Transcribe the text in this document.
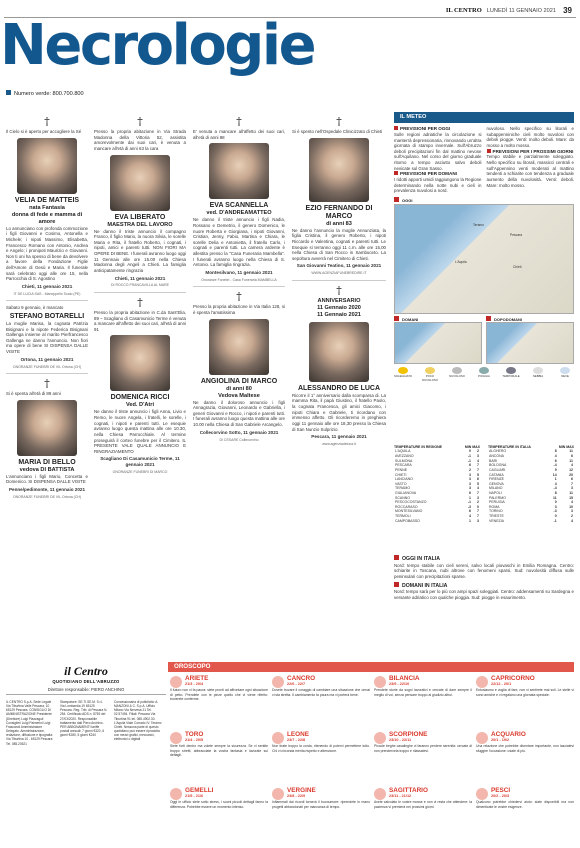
IL CENTRO LUNEDÌ 11 GENNAIO 2021 39
Necrologie
Numero verde: 800.700.800
†

Il Cielo si è aperto per accogliere la Sé

VELIA DE MATTEIS
nata Fantasia
donna di fede e mamma di amore

Lo annunciano con profonda commozione i figli Giovanni e Cosimo, Antonella e Michele; i nipoti Massimo, Elisabetta, Francesco Romano con Antonio, Andrea e Angelo; i pronipoti Maurizio e Giovanni. Non ti oni ha spesso di bene da devolvere a favore della Fondazione Figlie dell'Amore di Gesù e Maria. Il funerale sarà celebrato oggi alle ore 15, nella Parrocchia di S. Agostino

Chieti, 11 gennaio 2021
IT DE LUCIA SAS - Manoppello Scalo (PE)

Sabato 9 gennaio, è mancato

STEFANO BOTARELLI

La moglie Marisa, la cognata Patrizia Bisignani e la nipote Federica Bisignani Gallenga insieme al marito Pierfrancesco Gallenga ne danno l'annuncio. Non fiori ma opere di bene SI DISPENSA DALLE VISITE

Ortona, 11 gennaio 2021
ONORANZE FUNEBRI DE VIL Ortona (CH)
†

Si è spenta all'età di 89 anni

MARIA DI BELLO
vedova DI BATTISTA

L'annunciano i figli Mario, Concetta e Domenico. SI DISPENSA DALLE VISITE

Penne/pedimonte, 11 gennaio 2021
ONORANZE FUNEBRI DE VIL Ortona (CH)
†

Presso la propria abitazione in Via Strada Madonna della Vittoria 52, assistita amorevolmente dai suoi cari, è venuta a mancare all'età di anni 63 la cara

EVA LIBERATO
MAESTRA DEL LAVORO

Ne danno il triste annuncio il compagno Franco, il figlio Mario, la nuora Silvia, le sorelle Maria e Rita, il fratello Roberto, i cognati, i nipoti, amici e parenti tutti. NON FIORI MA OPERE DI BENE. I funerali avranno luogo oggi 11 Gennaio alle ore 15.00 nella Chiesa Madonna degli Angeli a Chieti. La famiglia anticipatamente ringrazia

Chieti, 11 gennaio 2021
DI ROCCO FRANCAVILLA AL MARE
†

Presso la propria abitazione in C.da Sant'Elia, 89 – Scagliano di Casamunicio Terme è venuta a mancare all'affetto dei suoi cari, all'età di anni 91

DOMENICA RICCI
Ved. D'Atri

Ne danno il triste annuncio i figli Anna, Livio e Remo, le nuore Angela, i fratelli, le sorelle, i cognati, i nipoti e parenti tutti. Le esequie avranno luogo questa mattina alle ore 10.30, nella Chiesa Parrocchiale. Al termine proseguirà il corteo funebre per il Cimitero. IL PRESENTE VALE QUALE ANNUNCIO E RINGRAZIAMENTO

Scagliano Di Casamunicio Terme, 11 gennaio 2021
ONORANZE FUNEBRI DI MARCO
†

E' venuta a mancare all'affetto dei suoi cari, all'età di anni 88

EVA SCANNELLA
ved. D'ANDREAMATTEO

Ne danno il triste annuncio i figli Nadia, Rossano e Demetrio, il genero Domenico, le nuore Roberta e Giorgiana, i nipoti Giovanni, Cristian, Jenny, Fabio, Martina e Chiara, le sorelle Delia e Antonietta, il fratello Carlo, i cognati e parenti tutti. La camera ardente è allestita presso la "Casa Funeraria Mambella". I funerali avranno luogo nella Chiesa di S. Antonio. La famiglia ringrazia.

Montesilvano, 11 gennaio 2021
Onoranze Funebri - Casa Funeraria MAMBELLA
†

Presso la propria abitazione in Via Italia 128, si è spenta l'amatissima

ANGIOLINA DI MARCO
di anni 80
Vedova Maltese

Ne danno il doloroso annuncio i figli Annagrazia, Giovanni, Leonardo e Gabriella, i generi Giovanni e Rocco, i nipoti e parenti tutti. I funerali avranno luogo questa mattina alle ore 10.00 nella Chiesa di San Gabriele Arcangelo.

Collecorvino Sotto, 11 gennaio 2021
DI CESARE Collecorvino
†

Si è spento nell'Ospedale Clinicizzato di Chieti

EZIO FERNANDO DI MARCO
di anni 83

Ne danno l'annuncio la moglie Annunziata, la figlia Cristina, il genero Roberto, i nipoti Riccardo e Valentina, cognati e parenti tutti. Le Esequie si terranno oggi 11 c.m. alle ore 15,00 nella Chiesa di San Rocco in Sambuceto. La sepoltura avverrà nel Cimitero di Chieti.

San Giovanni Teatino, 11 gennaio 2021
WWW.AGENZIAFUNEBREDIRE.IT
†
ANNIVERSARIO
11 Gennaio 2020
11 Gennaio 2021
ALESSANDRO DE LUCA

Ricorre il 1° anniversario dalla scomparsa di. La mamma Rita, il papà Giustino, il fratello Paolo, la cognata Francesca, gli amici Giacomo, i nipoti Chiara e Gabriele, ti ricordano con immenso affetto. Gli ricorderemo in preghiera oggi 11 gennaio alle ore 18,30 presso la Chiesa di San Nunzio Sulprizio.

Pescara, 11 gennaio 2021
www.agenziadeluca.it
IL METEO
PREVISIONI PER OGGI
Sulle regioni adriatiche la circolazione si manterrà depressionaria, rinnovando un'altra giornata di stampo invernale. Sull'Abruzzo deboli precipitazioni fin dal mattino nevose sull'Aquilano. Nel corso del giorno graduale ritorno a tempo asciutto salvo deboli nevicate sul Gran Sasso.
PREVISIONI PER DOMANI
I ridotti apporti umidi raggiungono la Regione determinando nella notte nubi e cieli in prevalenza nuvolosi a nord.
nuvoloso. Nello specifico su litorali e subappenniniche cieli molto nuvolosi con deboli piogge. Venti: molto deboli. Mare: da mosso a molto mosso.
PREVISIONI PER I PROSSIMI GIORNI
Tempo stabile e parzialmente soleggiato. Nello specifico su litorali, massicci centrali e sull'Appennino venti moderati al mattino tendenti a schiarite con tendenza a graduale aumento della nuvolosità. Venti: deboli. Mare: molto mosso.
OGGI
Pescara
L'Aquila
Chieti
Teramo
DOMANI	DOPODOMANI
SOLEGGIATO	POCO NUVOLOSO
NUVOLOSO	PIOGGIA	TEMPORALE	NEBBIA	NEVE
TEMPERATURE IN REGIONE	MIN MAX
L'AQUILA	0	2
AVEZZANO	-1	3
SULMONA	-1	4
PESCARA	6	7
PENNE	2	7
CHIETI	3	5
LANCIANO	3	6
VASTO	3	5
TERAMO	3	4
GIULIANOVA	6	7
SCANNO	1	3
PESCOCOSTANZO	-1	2
ROCCARASO	-3	0
MONTESILVANO	6	7
TERMOLI	4	7
CAMPOBASSO	1	3
TEMPERATURE IN ITALIA	MIN MAX
ALGHERO	8	11
ANCONA	4	6
BARI	6	11
BOLOGNA	-4	4
CAGLIARI	9	12
CATANIA	14	20
FIRENZE	1	6
GENOVA	4	7
MILANO	-4	3
NAPOLI	8	11
PALERMO	11	15
PERUGIA	0	4
ROMA	3	10
TORINO	-3	3
TRIESTE	0	2
VENEZIA	-1	4
OGGI IN ITALIA
Nord: tempo stabile con cieli sereni, salvo locali piovaschi in Emilia Romagna. Centro: schiarite in Toscana, nubi altrove con fenomeni sparsi. Sud: nuvolosità diffusa sulle peninsulari con precipitazioni sparse.
DOMANI IN ITALIA
Nord: tempo sarà per lo più con ampi spazi soleggiati. Centro: addensamenti su Sardegna e versante adriatico con qualche pioggia. Sud: piogge in esaurimento.
il Centro
QUOTIDIANO DELL'ABRUZZO
Direttore responsabile: PIERO ANCHINO
IL CENTRO S.p.A. Sede Legale Via Tiburtina Valle Pescara, 10 65129 Pescara. CONSIGLIO DI AMMINISTRAZIONE Presidente (Direttore) Luigi Piazzaguil Consiglieri Luigi Palmerini Luigi Frascaroli Amministratore Delegato. Amministrazione, redazione, diffusione e tipografia: Via Tiburtina 10 - 65129 Pescara Tel. 085.20521
Stampatore: SE.TI.SE.M. S.r.l. Via Lombardia 19 65125 Pescara. Reg. Trib. di Pescara N. 254. Certificato ADS n. 8759 del 27/03/2020. Responsabile trattamento dati Piero Anchino. PER ABBONAMENTI tariffe postali annuali: 7 giorni €320, 6 giorni €280, 5 giorni €240
Concessionaria di pubblicità: A. MANZONI & C. S.p.A. Ufficio Milano Via Nervesa 21 Tel. 02.57494. Filiali: Pescara Via Tiburtina 91 tel. 085.4902.30. L'Aquila Viale Corrado IV. Teramo Chieti. Nessuna parte di questo quotidiano può essere riprodotta con mezzi grafici, meccanici, elettronici o digitali
OROSCOPO
ARIETE
21/3 - 20/4
Il futuro non vi fa paura: siete pronti ad affrontare ogni situazione di petto. Prendete con le pinze quello che vi viene riferito: troverete conferme.
TORO
21/4 - 20/5
Siete forti dentro ma volete sempre la sicurezza. Se vi sentite troppo stretti, abbracciate la vostra fantasia e lavorate sui dettagli.
GEMELLI
21/5 - 21/6
Oggi in ufficio siete sotto stress, i suoni piccoli dettagli fanno la differenza. Potrebbe essere un momento intenso.
CANCRO
22/6 - 22/7
Dovete trovare il coraggio di cambiare una situazione che ormai vi sta stretta. Il cambiamento fa paura ma vi porterà bene.
LEONE
23/7 - 22/8
Non tirate troppo la corda, ritenendo di potervi permettere tutto. Chi vi circonda merita rispetto e attenzione.
VERGINE
23/8 - 22/9
Infiammati dai ricordi tornerà il buonumore: riprendete in mano progetti abbandonati per mancanza di tempo.
BILANCIA
23/9 - 22/10
Prendete storie da sogni lavorativi e cercate di dare sempre il meglio di voi, senza pensare troppo al giudizio altrui.
SCORPIONE
23/10 - 22/11
Piccole beghe casalinghe vi faranno perdere serenità: cercate di non prendervela troppo e rilassatevi.
SAGITTARIO
23/11 - 21/12
Avete calcolato le vostre mosse e non vi resta che attendere: la pazienza vi premierà nei prossimi giorni.
CAPRICORNO
22/12 - 20/1
Entusiasmo e voglia di fare, non vi sentirete mai soli. Le stelle vi sono amiche e vi regalano una giornata speciale.
ACQUARIO
20/1 - 19/2
Una relazione che potrebbe diventare importante, non lasciatevi sfuggire l'occasione: osate di più.
PESCI
20/2 - 20/3
Qualcuno potrebbe chiedervi aiuto: siate disponibili ma non dimenticate le vostre esigenze.
